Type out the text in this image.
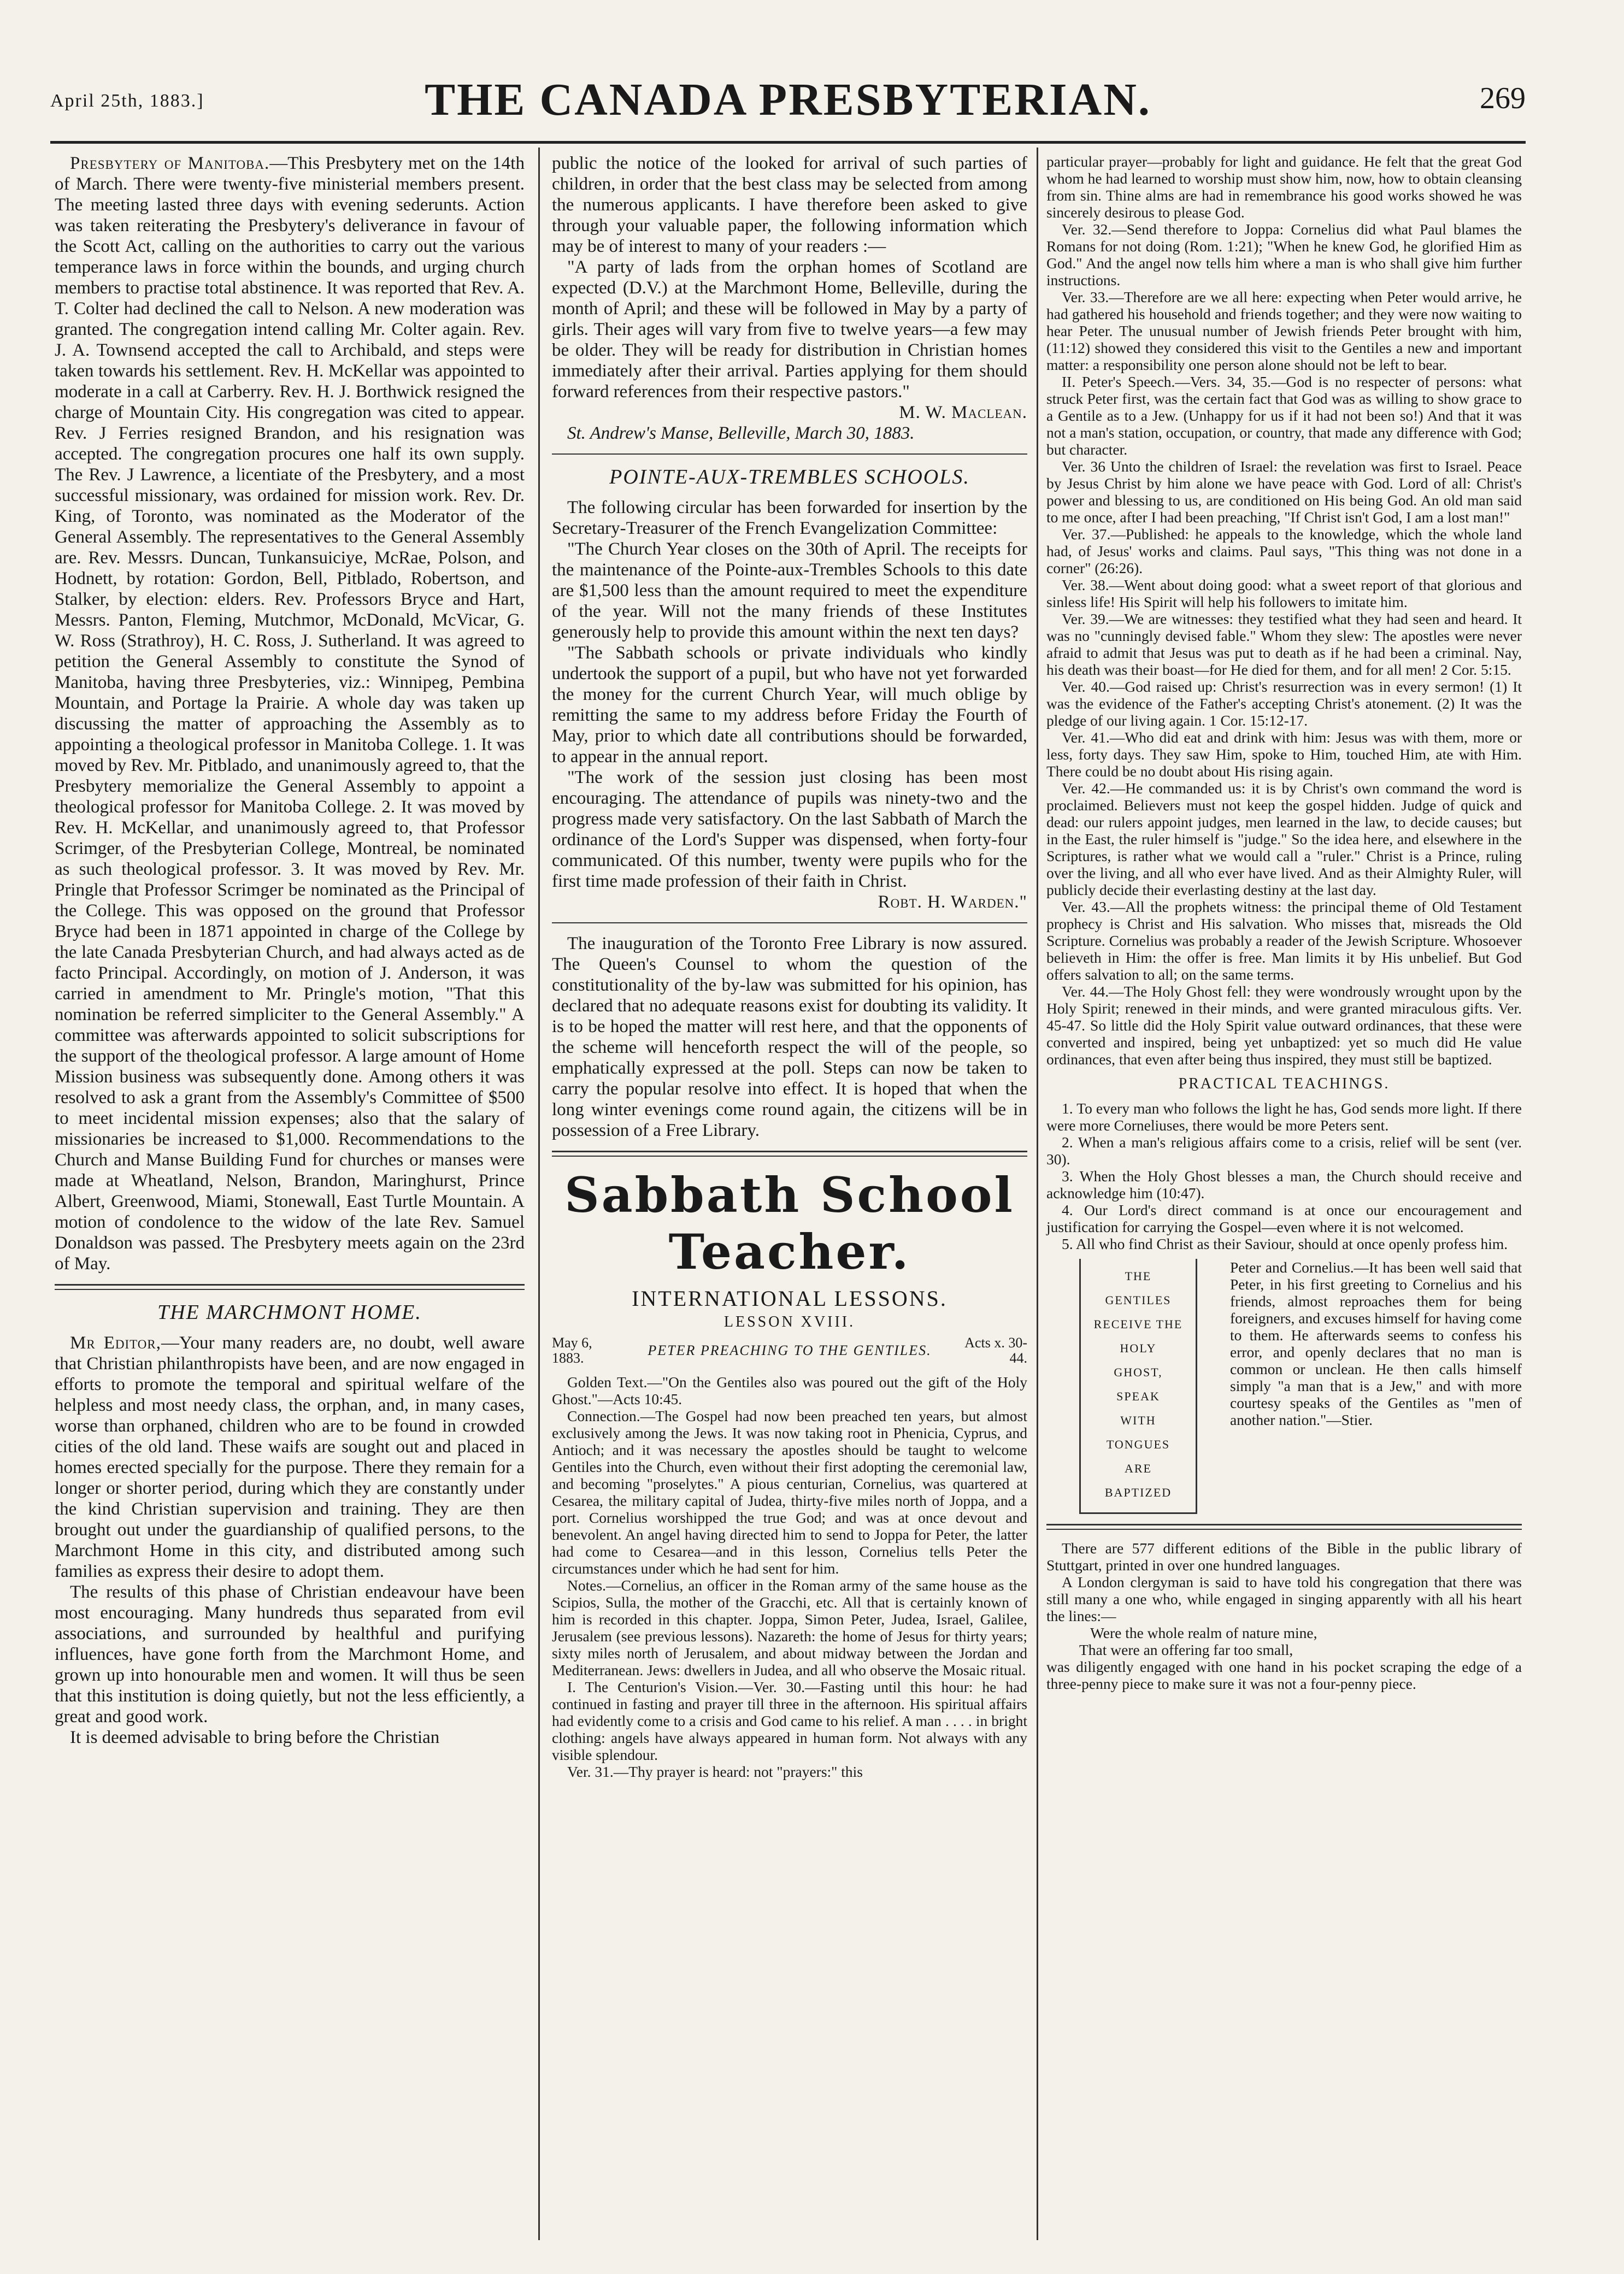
April 25th, 1883.]	THE CANADA PRESBYTERIAN.	269

Presbytery of Manitoba.—This Presbytery met on the 14th of March. There were twenty-five ministerial members present. The meeting lasted three days with evening sederunts. Action was taken reiterating the Presbytery's deliverance in favour of the Scott Act, calling on the authorities to carry out the various temperance laws in force within the bounds, and urging church members to practise total abstinence. It was reported that Rev. A. T. Colter had declined the call to Nelson. A new moderation was granted. The congregation intend calling Mr. Colter again. Rev. J. A. Townsend accepted the call to Archibald, and steps were taken towards his settlement. Rev. H. McKellar was appointed to moderate in a call at Carberry. Rev. H. J. Borthwick resigned the charge of Mountain City. His congregation was cited to appear. Rev. J Ferries resigned Brandon, and his resignation was accepted. The congregation procures one half its own supply. The Rev. J Lawrence, a licentiate of the Presbytery, and a most successful missionary, was ordained for mission work. Rev. Dr. King, of Toronto, was nominated as the Moderator of the General Assembly. The representatives to the General Assembly are. Rev. Messrs. Duncan, Tunkansuiciye, McRae, Polson, and Hodnett, by rotation: Gordon, Bell, Pitblado, Robertson, and Stalker, by election: elders. Rev. Professors Bryce and Hart, Messrs. Panton, Fleming, Mutchmor, McDonald, McVicar, G. W. Ross (Strathroy), H. C. Ross, J. Sutherland. It was agreed to petition the General Assembly to constitute the Synod of Manitoba, having three Presbyteries, viz.: Winnipeg, Pembina Mountain, and Portage la Prairie. A whole day was taken up discussing the matter of approaching the Assembly as to appointing a theological professor in Manitoba College. 1. It was moved by Rev. Mr. Pitblado, and unanimously agreed to, that the Presbytery memorialize the General Assembly to appoint a theological professor for Manitoba College. 2. It was moved by Rev. H. McKellar, and unanimously agreed to, that Professor Scrimger, of the Presbyterian College, Montreal, be nominated as such theological professor. 3. It was moved by Rev. Mr. Pringle that Professor Scrimger be nominated as the Principal of the College. This was opposed on the ground that Professor Bryce had been in 1871 appointed in charge of the College by the late Canada Presbyterian Church, and had always acted as de facto Principal. Accordingly, on motion of J. Anderson, it was carried in amendment to Mr. Pringle's motion, "That this nomination be referred simpliciter to the General Assembly." A committee was afterwards appointed to solicit subscriptions for the support of the theological professor. A large amount of Home Mission business was subsequently done. Among others it was resolved to ask a grant from the Assembly's Committee of $500 to meet incidental mission expenses; also that the salary of missionaries be increased to $1,000. Recommendations to the Church and Manse Building Fund for churches or manses were made at Wheatland, Nelson, Brandon, Maringhurst, Prince Albert, Greenwood, Miami, Stonewall, East Turtle Mountain. A motion of condolence to the widow of the late Rev. Samuel Donaldson was passed. The Presbytery meets again on the 23rd of May.

THE MARCHMONT HOME.

Mr Editor,—Your many readers are, no doubt, well aware that Christian philanthropists have been, and are now engaged in efforts to promote the temporal and spiritual welfare of the helpless and most needy class, the orphan, and, in many cases, worse than orphaned, children who are to be found in crowded cities of the old land. These waifs are sought out and placed in homes erected specially for the purpose. There they remain for a longer or shorter period, during which they are constantly under the kind Christian supervision and training. They are then brought out under the guardianship of qualified persons, to the Marchmont Home in this city, and distributed among such families as express their desire to adopt them.

The results of this phase of Christian endeavour have been most encouraging. Many hundreds thus separated from evil associations, and surrounded by healthful and purifying influences, have gone forth from the Marchmont Home, and grown up into honourable men and women. It will thus be seen that this institution is doing quietly, but not the less efficiently, a great and good work.

It is deemed advisable to bring before the Christian

public the notice of the looked for arrival of such parties of children, in order that the best class may be selected from among the numerous applicants. I have therefore been asked to give through your valuable paper, the following information which may be of interest to many of your readers :—

"A party of lads from the orphan homes of Scotland are expected (D.V.) at the Marchmont Home, Belleville, during the month of April; and these will be followed in May by a party of girls. Their ages will vary from five to twelve years—a few may be older. They will be ready for distribution in Christian homes immediately after their arrival. Parties applying for them should forward references from their respective pastors."

M. W. Maclean.

St. Andrew's Manse, Belleville, March 30, 1883.

POINTE-AUX-TREMBLES SCHOOLS.

The following circular has been forwarded for insertion by the Secretary-Treasurer of the French Evangelization Committee:

"The Church Year closes on the 30th of April. The receipts for the maintenance of the Pointe-aux-Trembles Schools to this date are $1,500 less than the amount required to meet the expenditure of the year. Will not the many friends of these Institutes generously help to provide this amount within the next ten days?

"The Sabbath schools or private individuals who kindly undertook the support of a pupil, but who have not yet forwarded the money for the current Church Year, will much oblige by remitting the same to my address before Friday the Fourth of May, prior to which date all contributions should be forwarded, to appear in the annual report.

"The work of the session just closing has been most encouraging. The attendance of pupils was ninety-two and the progress made very satisfactory. On the last Sabbath of March the ordinance of the Lord's Supper was dispensed, when forty-four communicated. Of this number, twenty were pupils who for the first time made profession of their faith in Christ.

Robt. H. Warden."

The inauguration of the Toronto Free Library is now assured. The Queen's Counsel to whom the question of the constitutionality of the by-law was submitted for his opinion, has declared that no adequate reasons exist for doubting its validity. It is to be hoped the matter will rest here, and that the opponents of the scheme will henceforth respect the will of the people, so emphatically expressed at the poll. Steps can now be taken to carry the popular resolve into effect. It is hoped that when the long winter evenings come round again, the citizens will be in possession of a Free Library.

Sabbath School Teacher.
INTERNATIONAL LESSONS.
LESSON XVIII.
May 6, 1883.	PETER PREACHING TO THE GENTILES.	Acts x. 30-44.

Golden Text.—"On the Gentiles also was poured out the gift of the Holy Ghost."—Acts 10:45.

Connection.—The Gospel had now been preached ten years, but almost exclusively among the Jews. It was now taking root in Phenicia, Cyprus, and Antioch; and it was necessary the apostles should be taught to welcome Gentiles into the Church, even without their first adopting the ceremonial law, and becoming "proselytes." A pious centurian, Cornelius, was quartered at Cesarea, the military capital of Judea, thirty-five miles north of Joppa, and a port. Cornelius worshipped the true God; and was at once devout and benevolent. An angel having directed him to send to Joppa for Peter, the latter had come to Cesarea—and in this lesson, Cornelius tells Peter the circumstances under which he had sent for him.

Notes.—Cornelius, an officer in the Roman army of the same house as the Scipios, Sulla, the mother of the Gracchi, etc. All that is certainly known of him is recorded in this chapter. Joppa, Simon Peter, Judea, Israel, Galilee, Jerusalem (see previous lessons). Nazareth: the home of Jesus for thirty years; sixty miles north of Jerusalem, and about midway between the Jordan and Mediterranean. Jews: dwellers in Judea, and all who observe the Mosaic ritual.

I. The Centurion's Vision.—Ver. 30.—Fasting until this hour: he had continued in fasting and prayer till three in the afternoon. His spiritual affairs had evidently come to a crisis and God came to his relief. A man . . . . in bright clothing: angels have always appeared in human form. Not always with any visible splendour.

Ver. 31.—Thy prayer is heard: not "prayers:" this

particular prayer—probably for light and guidance. He felt that the great God whom he had learned to worship must show him, now, how to obtain cleansing from sin. Thine alms are had in remembrance his good works showed he was sincerely desirous to please God.

Ver. 32.—Send therefore to Joppa: Cornelius did what Paul blames the Romans for not doing (Rom. 1:21); "When he knew God, he glorified Him as God." And the angel now tells him where a man is who shall give him further instructions.

Ver. 33.—Therefore are we all here: expecting when Peter would arrive, he had gathered his household and friends together; and they were now waiting to hear Peter. The unusual number of Jewish friends Peter brought with him, (11:12) showed they considered this visit to the Gentiles a new and important matter: a responsibility one person alone should not be left to bear.

II. Peter's Speech.—Vers. 34, 35.—God is no respecter of persons: what struck Peter first, was the certain fact that God was as willing to show grace to a Gentile as to a Jew. (Unhappy for us if it had not been so!) And that it was not a man's station, occupation, or country, that made any difference with God; but character.

Ver. 36 Unto the children of Israel: the revelation was first to Israel. Peace by Jesus Christ by him alone we have peace with God. Lord of all: Christ's power and blessing to us, are conditioned on His being God. An old man said to me once, after I had been preaching, "If Christ isn't God, I am a lost man!"

Ver. 37.—Published: he appeals to the knowledge, which the whole land had, of Jesus' works and claims. Paul says, "This thing was not done in a corner" (26:26).

Ver. 38.—Went about doing good: what a sweet report of that glorious and sinless life! His Spirit will help his followers to imitate him.

Ver. 39.—We are witnesses: they testified what they had seen and heard. It was no "cunningly devised fable." Whom they slew: The apostles were never afraid to admit that Jesus was put to death as if he had been a criminal. Nay, his death was their boast—for He died for them, and for all men! 2 Cor. 5:15.

Ver. 40.—God raised up: Christ's resurrection was in every sermon! (1) It was the evidence of the Father's accepting Christ's atonement. (2) It was the pledge of our living again. 1 Cor. 15:12-17.

Ver. 41.—Who did eat and drink with him: Jesus was with them, more or less, forty days. They saw Him, spoke to Him, touched Him, ate with Him. There could be no doubt about His rising again.

Ver. 42.—He commanded us: it is by Christ's own command the word is proclaimed. Believers must not keep the gospel hidden. Judge of quick and dead: our rulers appoint judges, men learned in the law, to decide causes; but in the East, the ruler himself is "judge." So the idea here, and elsewhere in the Scriptures, is rather what we would call a "ruler." Christ is a Prince, ruling over the living, and all who ever have lived. And as their Almighty Ruler, will publicly decide their everlasting destiny at the last day.

Ver. 43.—All the prophets witness: the principal theme of Old Testament prophecy is Christ and His salvation. Who misses that, misreads the Old Scripture. Cornelius was probably a reader of the Jewish Scripture. Whosoever believeth in Him: the offer is free. Man limits it by His unbelief. But God offers salvation to all; on the same terms.

Ver. 44.—The Holy Ghost fell: they were wondrously wrought upon by the Holy Spirit; renewed in their minds, and were granted miraculous gifts. Ver. 45-47. So little did the Holy Spirit value outward ordinances, that these were converted and inspired, being yet unbaptized: yet so much did He value ordinances, that even after being thus inspired, they must still be baptized.

PRACTICAL TEACHINGS.

1. To every man who follows the light he has, God sends more light. If there were more Corneliuses, there would be more Peters sent.

2. When a man's religious affairs come to a crisis, relief will be sent (ver. 30).

3. When the Holy Ghost blesses a man, the Church should receive and acknowledge him (10:47).

4. Our Lord's direct command is at once our encouragement and justification for carrying the Gospel—even where it is not welcomed.

5. All who find Christ as their Saviour, should at once openly profess him.

THE
GENTILES
RECEIVE THE HOLY
GHOST,
SPEAK
WITH
TONGUES
ARE
BAPTIZED

Peter and Cornelius.—It has been well said that Peter, in his first greeting to Cornelius and his friends, almost reproaches them for being foreigners, and excuses himself for having come to them. He afterwards seems to confess his error, and openly declares that no man is common or unclean. He then calls himself simply "a man that is a Jew," and with more courtesy speaks of the Gentiles as "men of another nation."—Stier.

There are 577 different editions of the Bible in the public library of Stuttgart, printed in over one hundred languages.

A London clergyman is said to have told his congregation that there was still many a one who, while engaged in singing apparently with all his heart the lines:—

Were the whole realm of nature mine,

That were an offering far too small,

was diligently engaged with one hand in his pocket scraping the edge of a three-penny piece to make sure it was not a four-penny piece.
